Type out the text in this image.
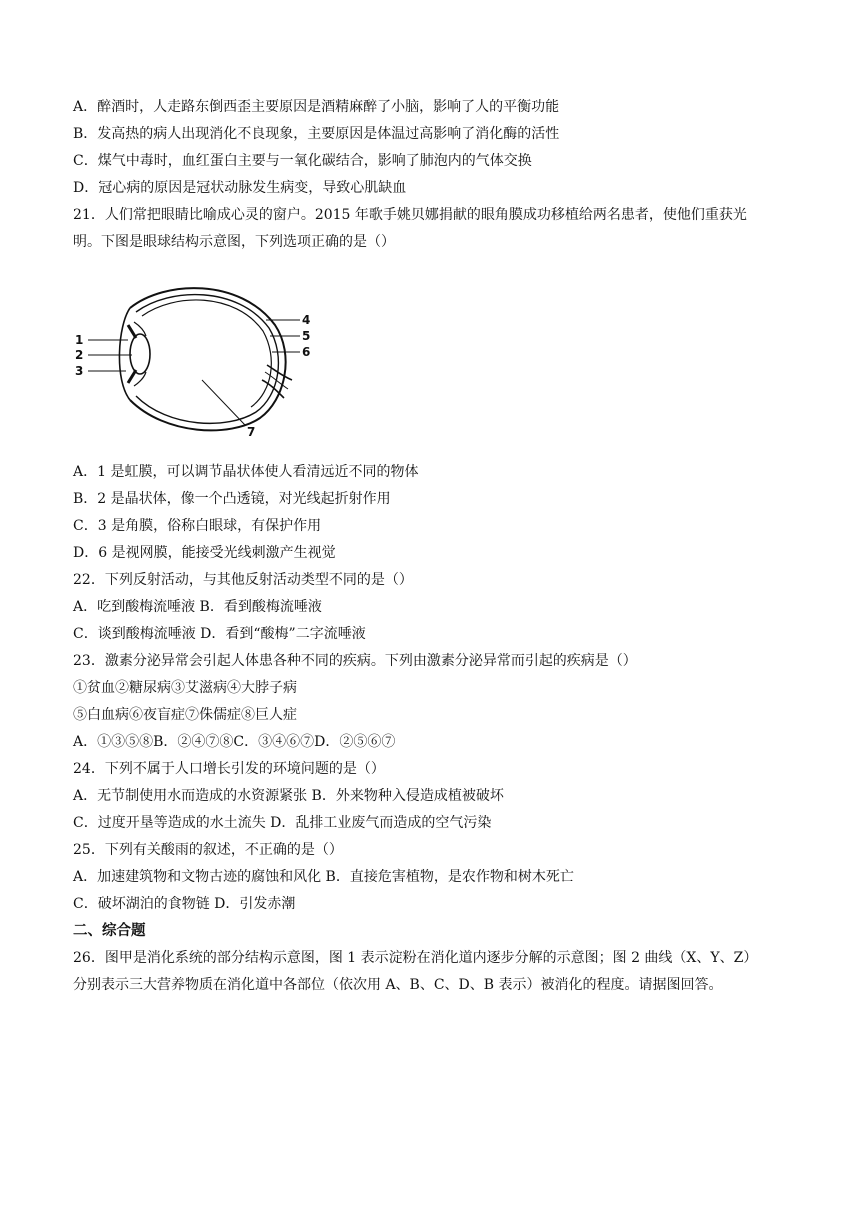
A．醉酒时，人走路东倒西歪主要原因是酒精麻醉了小脑，影响了人的平衡功能
B．发高热的病人出现消化不良现象，主要原因是体温过高影响了消化酶的活性
C．煤气中毒时，血红蛋白主要与一氧化碳结合，影响了肺泡内的气体交换
D．冠心病的原因是冠状动脉发生病变，导致心肌缺血
21．人们常把眼睛比喻成心灵的窗户。2015 年歌手姚贝娜捐献的眼角膜成功移植给两名患者，使他们重获光
明。下图是眼球结构示意图，下列选项正确的是（）
1
2
3
4
5
6
7
A．1 是虹膜，可以调节晶状体使人看清远近不同的物体
B．2 是晶状体，像一个凸透镜，对光线起折射作用
C．3 是角膜，俗称白眼球，有保护作用
D．6 是视网膜，能接受光线刺激产生视觉
22．下列反射活动，与其他反射活动类型不同的是（）
A．吃到酸梅流唾液 B．看到酸梅流唾液
C．谈到酸梅流唾液 D．看到“酸梅”二字流唾液
23．激素分泌异常会引起人体患各种不同的疾病。下列由激素分泌异常而引起的疾病是（）
①贫血②糖尿病③艾滋病④大脖子病
⑤白血病⑥夜盲症⑦侏儒症⑧巨人症
A．①③⑤⑧B．②④⑦⑧C．③④⑥⑦D．②⑤⑥⑦
24．下列不属于人口增长引发的环境问题的是（）
A．无节制使用水而造成的水资源紧张 B．外来物种入侵造成植被破坏
C．过度开垦等造成的水土流失 D．乱排工业废气而造成的空气污染
25．下列有关酸雨的叙述，不正确的是（）
A．加速建筑物和文物古迹的腐蚀和风化 B．直接危害植物，是农作物和树木死亡
C．破坏湖泊的食物链 D．引发赤潮
二、综合题
26．图甲是消化系统的部分结构示意图，图 1 表示淀粉在消化道内逐步分解的示意图；图 2 曲线（X、Y、Z）
分别表示三大营养物质在消化道中各部位（依次用 A、B、C、D、B 表示）被消化的程度。请据图回答。
